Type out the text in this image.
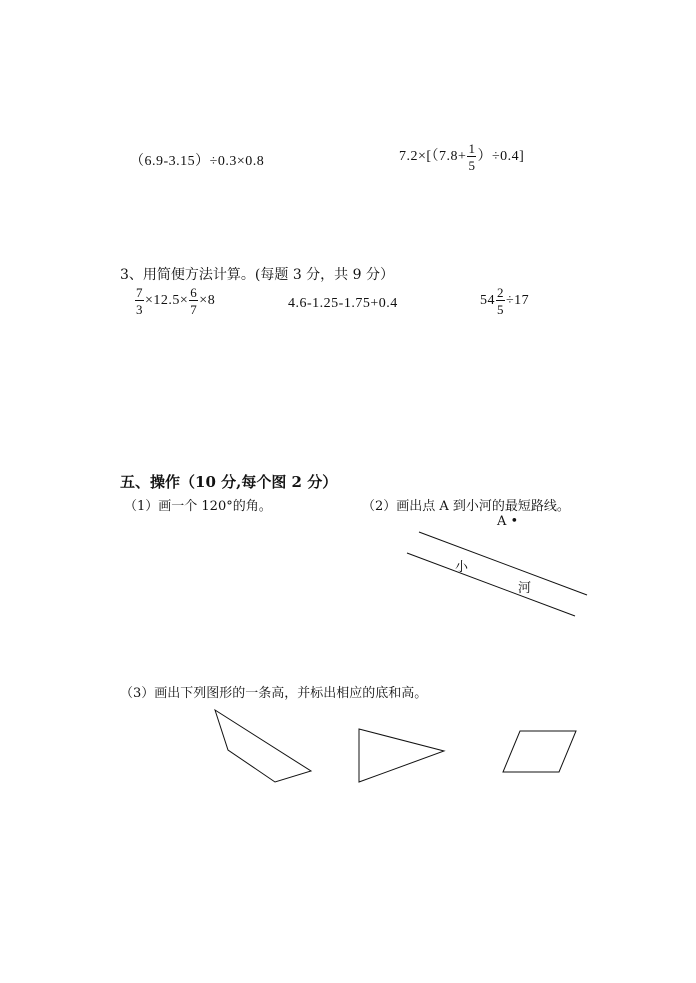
（6.9-3.15）÷0.3×0.8	$7.2\times[(7.8+ \frac{1}{5} )\div 0.4]$
3、用简便方法计算。(每题 3 分，共 9 分）
$\frac{7}{3} \times 12.5\times \frac{6}{7} \times 8$	4.6-1.25-1.75+0.4	$54 \frac{2}{5} \div 17$
五、操作（10 分,每个图 2 分）
（1）画一个 120°的角。	（2）画出点 A 到小河的最短路线。
A •
小
河
（3）画出下列图形的一条高，并标出相应的底和高。
